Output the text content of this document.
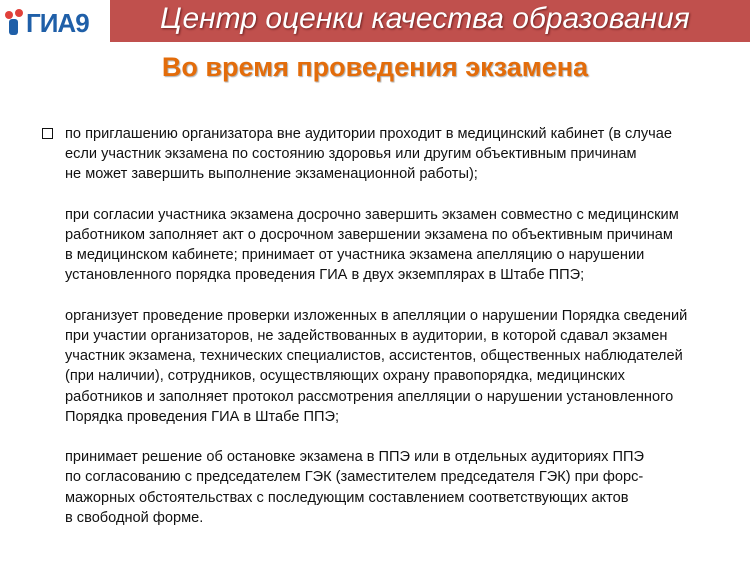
ГИА9 Центр оценки качества образования
Во время проведения экзамена
по приглашению организатора вне аудитории проходит в медицинский кабинет (в случае
если участник экзамена по состоянию здоровья или другим объективным причинам
не может завершить выполнение экзаменационной работы);
при согласии участника экзамена досрочно завершить экзамен совместно с медицинским
работником заполняет акт о досрочном завершении экзамена по объективным причинам
в медицинском кабинете; принимает от участника экзамена апелляцию о нарушении
установленного порядка проведения ГИА в двух экземплярах в Штабе ППЭ;
организует проведение проверки изложенных в апелляции о нарушении Порядка сведений
при участии организаторов, не задействованных в аудитории, в которой сдавал экзамен
участник экзамена, технических специалистов, ассистентов, общественных наблюдателей
(при наличии), сотрудников, осуществляющих охрану правопорядка, медицинских
работников и заполняет протокол рассмотрения апелляции о нарушении установленного
Порядка проведения ГИА в Штабе ППЭ;
принимает решение об остановке экзамена в ППЭ или в отдельных аудиториях ППЭ
по согласованию с председателем ГЭК (заместителем председателя ГЭК) при форс-
мажорных обстоятельствах с последующим составлением соответствующих актов
в свободной форме.
